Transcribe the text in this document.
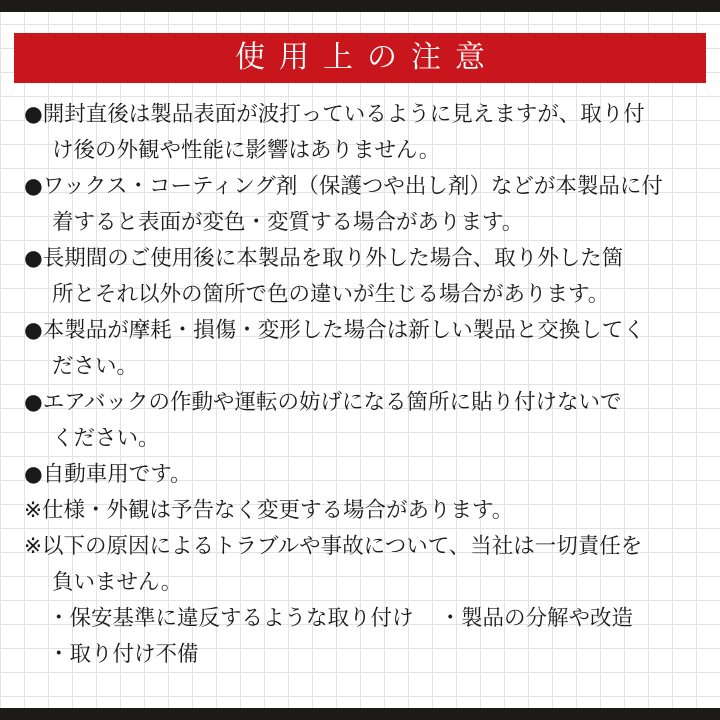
使用上の注意
●開封直後は製品表面が波打っているように見えますが、取り付
け後の外観や性能に影響はありません。
●ワックス・コーティング剤（保護つや出し剤）などが本製品に付
着すると表面が変色・変質する場合があります。
●長期間のご使用後に本製品を取り外した場合、取り外した箇
所とそれ以外の箇所で色の違いが生じる場合があります。
●本製品が摩耗・損傷・変形した場合は新しい製品と交換してく
ださい。
●エアバックの作動や運転の妨げになる箇所に貼り付けないで
ください。
●自動車用です。
※仕様・外観は予告なく変更する場合があります。
※以下の原因によるトラブルや事故について、当社は一切責任を
負いません。
・保安基準に違反するような取り付け ・製品の分解や改造
・取り付け不備
